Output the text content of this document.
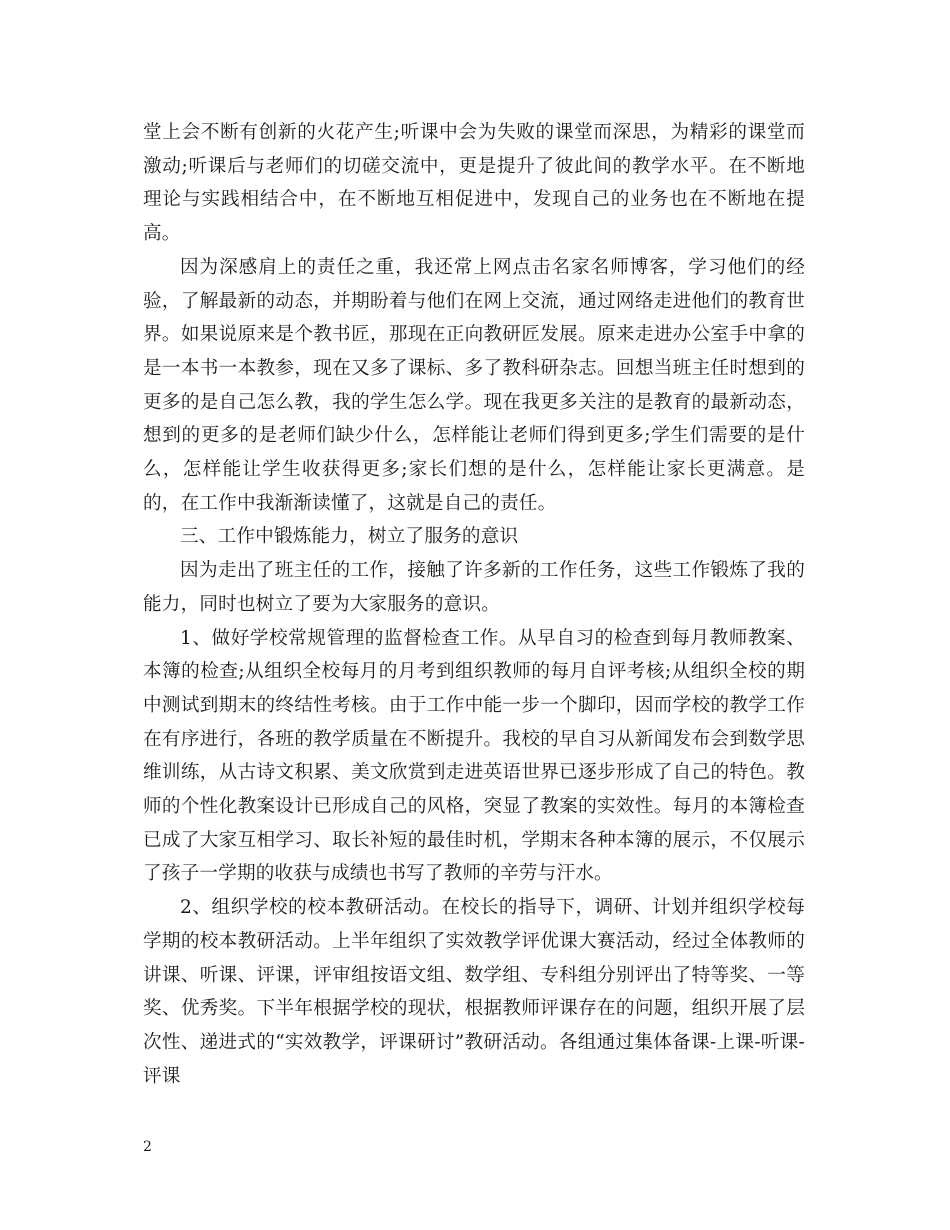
堂上会不断有创新的火花产生;听课中会为失败的课堂而深思，为精彩的课堂而激动;听课后与老师们的切磋交流中，更是提升了彼此间的教学水平。在不断地理论与实践相结合中，在不断地互相促进中，发现自己的业务也在不断地在提高。

因为深感肩上的责任之重，我还常上网点击名家名师博客，学习他们的经验，了解最新的动态，并期盼着与他们在网上交流，通过网络走进他们的教育世界。如果说原来是个教书匠，那现在正向教研匠发展。原来走进办公室手中拿的是一本书一本教参，现在又多了课标、多了教科研杂志。回想当班主任时想到的更多的是自己怎么教，我的学生怎么学。现在我更多关注的是教育的最新动态，想到的更多的是老师们缺少什么，怎样能让老师们得到更多;学生们需要的是什么，怎样能让学生收获得更多;家长们想的是什么，怎样能让家长更满意。是的，在工作中我渐渐读懂了，这就是自己的责任。

三、工作中锻炼能力，树立了服务的意识

因为走出了班主任的工作，接触了许多新的工作任务，这些工作锻炼了我的能力，同时也树立了要为大家服务的意识。

1、做好学校常规管理的监督检查工作。从早自习的检查到每月教师教案、本簿的检查;从组织全校每月的月考到组织教师的每月自评考核;从组织全校的期中测试到期末的终结性考核。由于工作中能一步一个脚印，因而学校的教学工作在有序进行，各班的教学质量在不断提升。我校的早自习从新闻发布会到数学思维训练，从古诗文积累、美文欣赏到走进英语世界已逐步形成了自己的特色。教师的个性化教案设计已形成自己的风格，突显了教案的实效性。每月的本簿检查已成了大家互相学习、取长补短的最佳时机，学期末各种本簿的展示，不仅展示了孩子一学期的收获与成绩也书写了教师的辛劳与汗水。

2、组织学校的校本教研活动。在校长的指导下，调研、计划并组织学校每学期的校本教研活动。上半年组织了实效教学评优课大赛活动，经过全体教师的讲课、听课、评课，评审组按语文组、数学组、专科组分别评出了特等奖、一等奖、优秀奖。下半年根据学校的现状，根据教师评课存在的问题，组织开展了层次性、递进式的“实效教学，评课研讨”教研活动。各组通过集体备课-上课-听课-评课

2
